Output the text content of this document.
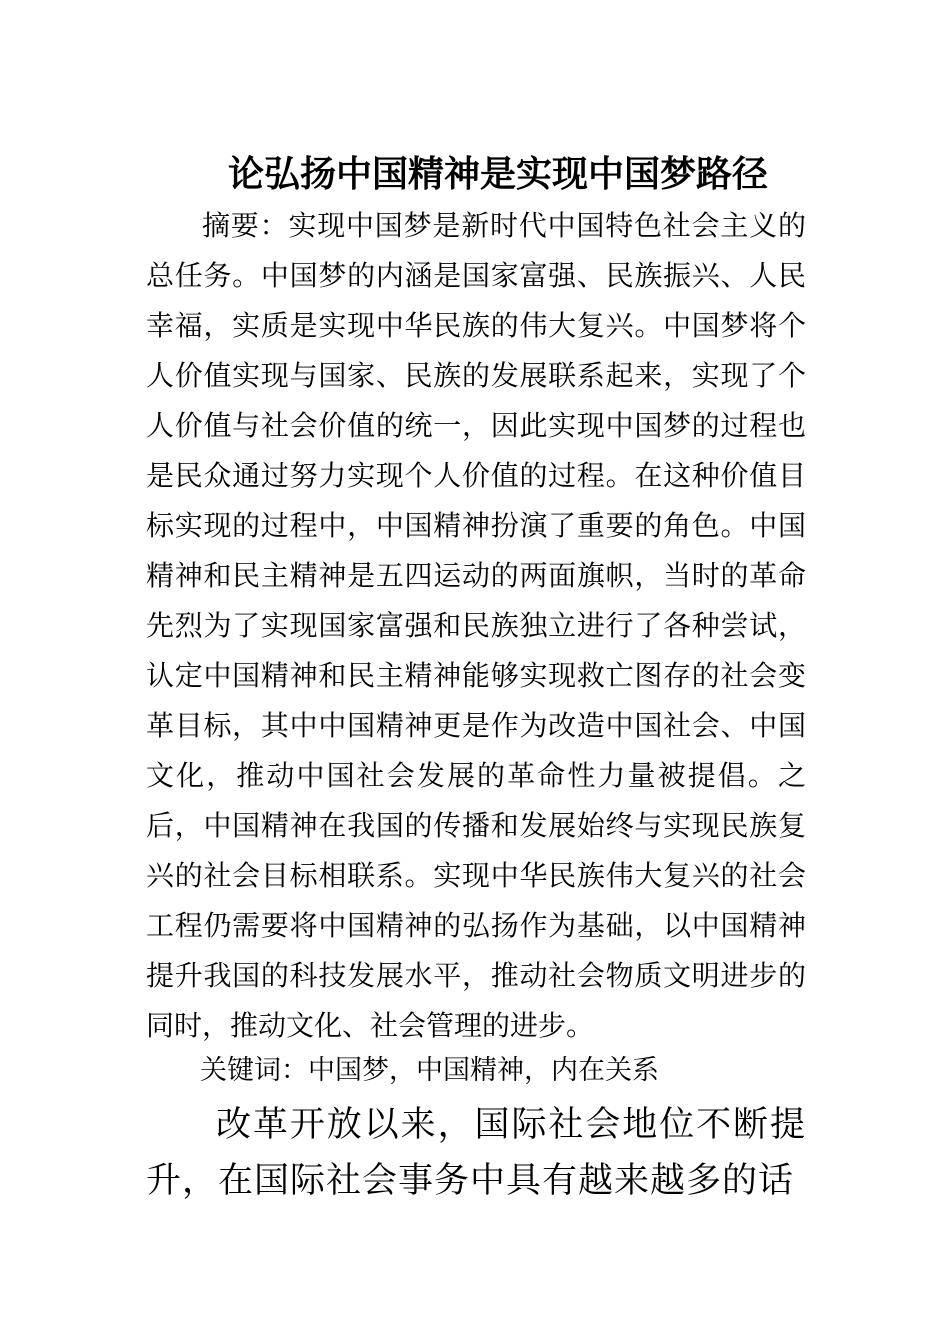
论弘扬中国精神是实现中国梦路径

摘要：实现中国梦是新时代中国特色社会主义的总任务。中国梦的内涵是国家富强、民族振兴、人民幸福，实质是实现中华民族的伟大复兴。中国梦将个人价值实现与国家、民族的发展联系起来，实现了个人价值与社会价值的统一，因此实现中国梦的过程也是民众通过努力实现个人价值的过程。在这种价值目标实现的过程中，中国精神扮演了重要的角色。中国精神和民主精神是五四运动的两面旗帜，当时的革命先烈为了实现国家富强和民族独立进行了各种尝试，认定中国精神和民主精神能够实现救亡图存的社会变革目标，其中中国精神更是作为改造中国社会、中国文化，推动中国社会发展的革命性力量被提倡。之后，中国精神在我国的传播和发展始终与实现民族复兴的社会目标相联系。实现中华民族伟大复兴的社会工程仍需要将中国精神的弘扬作为基础，以中国精神提升我国的科技发展水平，推动社会物质文明进步的同时，推动文化、社会管理的进步。

关键词：中国梦，中国精神，内在关系

改革开放以来，国际社会地位不断提升，在国际社会事务中具有越来越多的话
